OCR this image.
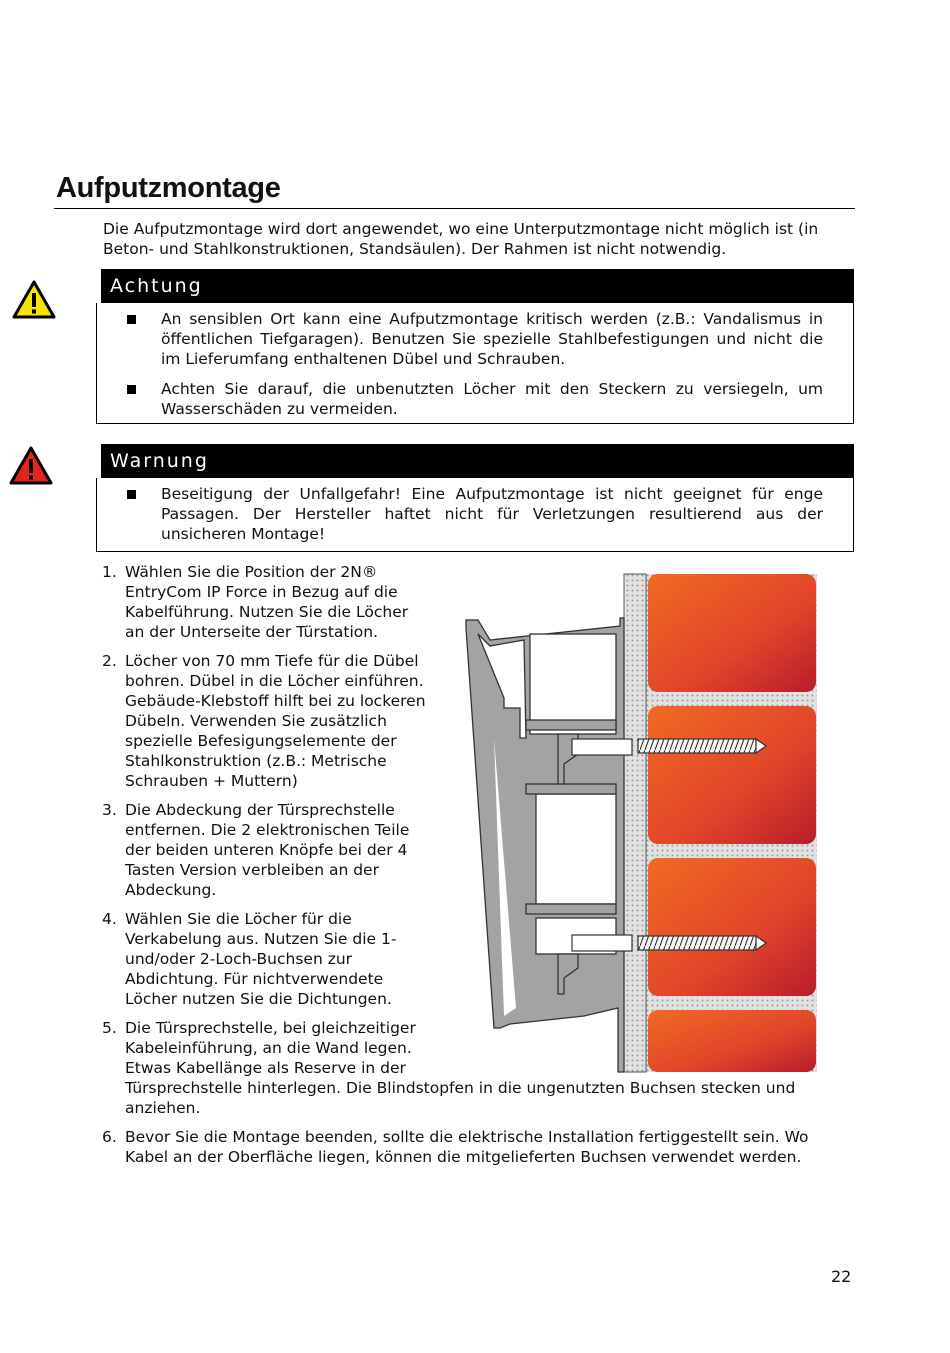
Aufputzmontage

Die Aufputzmontage wird dort angewendet, wo eine Unterputzmontage nicht möglich ist (in Beton- und Stahlkonstruktionen, Standsäulen). Der Rahmen ist nicht notwendig.

Achtung
An sensiblen Ort kann eine Aufputzmontage kritisch werden (z.B.: Vandalismus in öffentlichen Tiefgaragen). Benutzen Sie spezielle Stahlbefestigungen und nicht die im Lieferumfang enthaltenen Dübel und Schrauben.
Achten Sie darauf, die unbenutzten Löcher mit den Steckern zu versiegeln, um Wasserschäden zu vermeiden.
Warnung
Beseitigung der Unfallgefahr! Eine Aufputzmontage ist nicht geeignet für enge Passagen. Der Hersteller haftet nicht für Verletzungen resultierend aus der unsicheren Montage!
1. Wählen Sie die Position der 2N®
EntryCom IP Force in Bezug auf die
Kabelführung. Nutzen Sie die Löcher
an der Unterseite der Türstation.
2. Löcher von 70 mm Tiefe für die Dübel
bohren. Dübel in die Löcher einführen.
Gebäude-Klebstoff hilft bei zu lockeren
Dübeln. Verwenden Sie zusätzlich
spezielle Befesigungselemente der
Stahlkonstruktion (z.B.: Metrische
Schrauben + Muttern)
3. Die Abdeckung der Türsprechstelle
entfernen. Die 2 elektronischen Teile
der beiden unteren Knöpfe bei der 4
Tasten Version verbleiben an der
Abdeckung.
4. Wählen Sie die Löcher für die
Verkabelung aus. Nutzen Sie die 1-
und/oder 2-Loch-Buchsen zur
Abdichtung. Für nichtverwendete
Löcher nutzen Sie die Dichtungen.
5. Die Türsprechstelle, bei gleichzeitiger
Kabeleinführung, an die Wand legen.
Etwas Kabellänge als Reserve in der
Türsprechstelle hinterlegen. Die Blindstopfen in die ungenutzten Buchsen stecken und
anziehen.
6. Bevor Sie die Montage beenden, sollte die elektrische Installation fertiggestellt sein. Wo
Kabel an der Oberfläche liegen, können die mitgelieferten Buchsen verwendet werden.
22
